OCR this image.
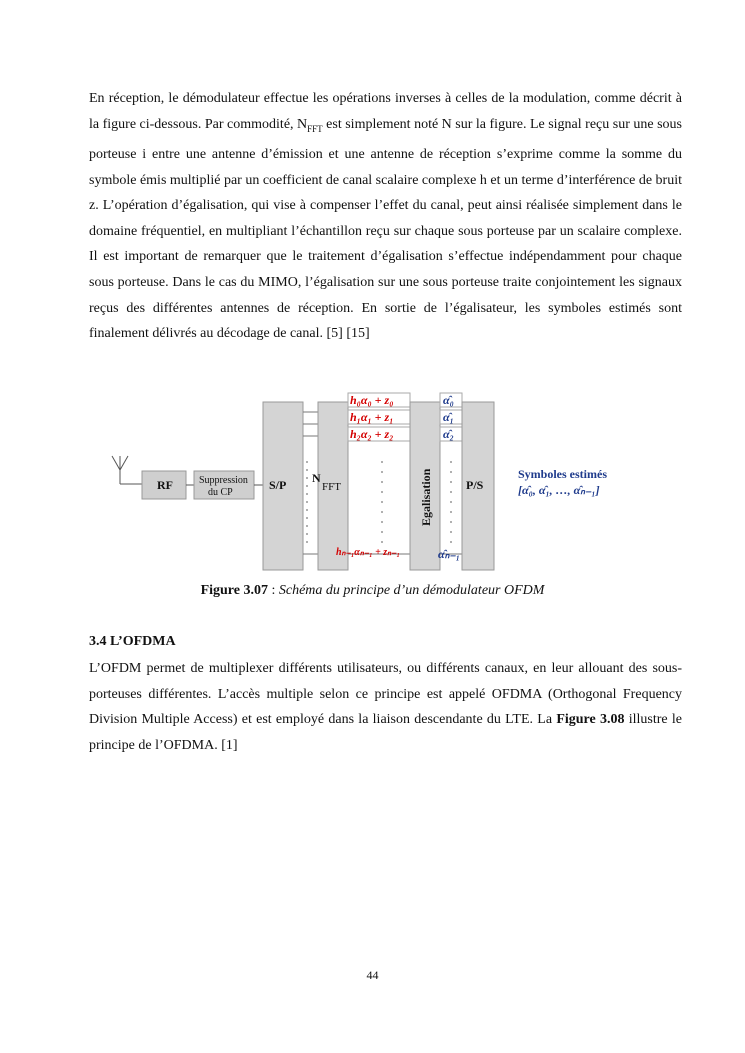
En réception, le démodulateur effectue les opérations inverses à celles de la modulation, comme décrit à la figure ci-dessous. Par commodité, $N_{FFT}$ est simplement noté N sur la figure. Le signal reçu sur une sous porteuse i entre une antenne d’émission et une antenne de réception s’exprime comme la somme du symbole émis multiplié par un coefficient de canal scalaire complexe h et un terme d’interférence de bruit z. L’opération d’égalisation, qui vise à compenser l’effet du canal, peut ainsi réalisée simplement dans le domaine fréquentiel, en multipliant l’échantillon reçu sur chaque sous porteuse par un scalaire complexe. Il est important de remarquer que le traitement d’égalisation s’effectue indépendamment pour chaque sous porteuse. Dans le cas du MIMO, l’égalisation sur une sous porteuse traite conjointement les signaux reçus des différentes antennes de réception. En sortie de l’égalisateur, les symboles estimés sont finalement délivrés au décodage de canal. [5] [15]

RF	Suppression
du CP
S/P N
FFT
h₀α₀ + z₀
h₁α₁ + z₁
h₂α₂ + z₂
hₙ₋₁αₙ₋₁ + zₙ₋₁
Egalisation
α̂₀
α̂₁
α̂₂
α̂ₙ₋₁
P/S
Symboles estimés
[α̂₀, α̂₁, …, α̂ₙ₋₁]
Figure 3.07 : Schéma du principe d’un démodulateur OFDM
3.4 L’OFDMA

L’OFDM permet de multiplexer différents utilisateurs, ou différents canaux, en leur allouant des sous-porteuses différentes. L’accès multiple selon ce principe est appelé OFDMA (Orthogonal Frequency Division Multiple Access) et est employé dans la liaison descendante du LTE. La Figure 3.08 illustre le principe de l’OFDMA. [1]

44
